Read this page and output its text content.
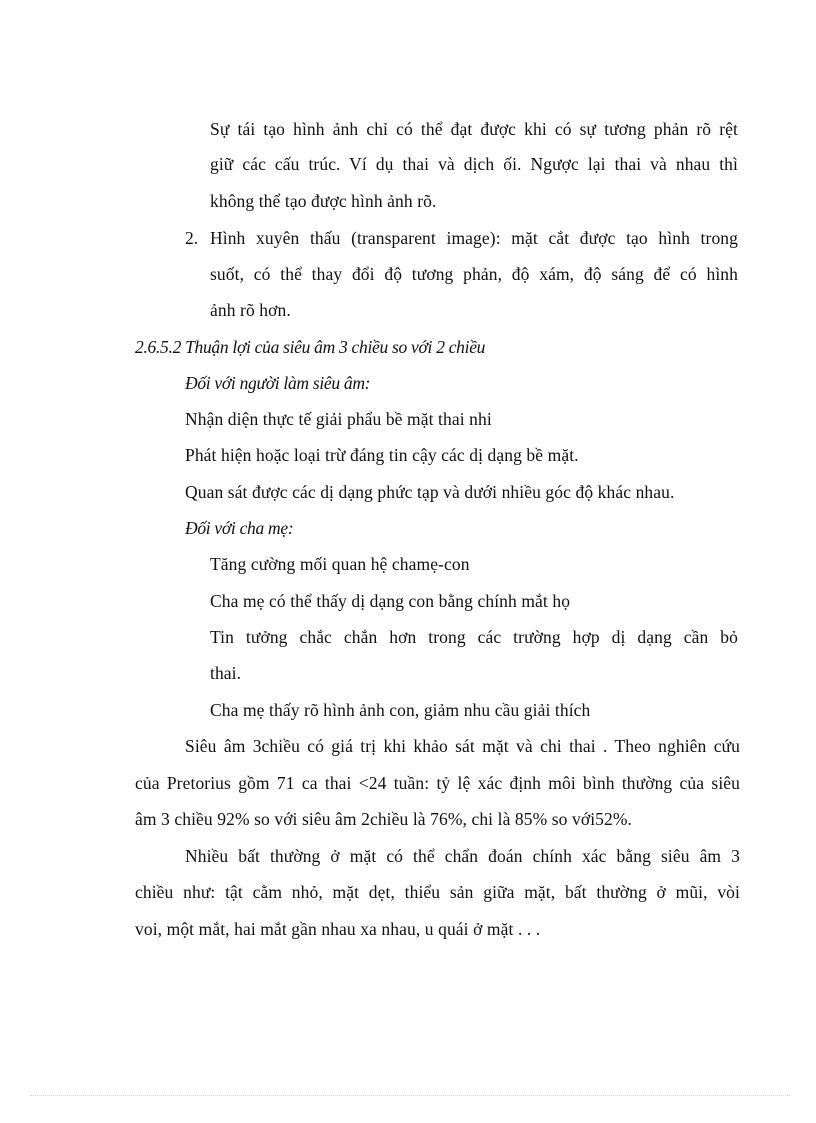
Sự tái tạo hình ảnh chỉ có thể đạt được khi có sự tương phản rõ rệt
giữ các cấu trúc. Ví dụ thai và dịch ối. Ngược lại thai và nhau thì
không thể tạo được hình ảnh rõ.
2. Hình xuyên thấu (transparent image): mặt cắt được tạo hình trong
suốt, có thể thay đổi độ tương phản, độ xám, độ sáng để có hình
ảnh rõ hơn.
2.6.5.2 Thuận lợi của siêu âm 3 chiều so với 2 chiều
Đối với người làm siêu âm:
Nhận diện thực tế giải phẩu bề mặt thai nhi
Phát hiện hoặc loại trừ đáng tin cậy các dị dạng bề mặt.
Quan sát được các dị dạng phức tạp và dưới nhiều góc độ khác nhau.
Đối với cha mẹ:
Tăng cường mối quan hệ chamẹ-con
Cha mẹ có thể thấy dị dạng con bằng chính mắt họ
Tin tưởng chắc chắn hơn trong các trường hợp dị dạng cần bỏ
thai.
Cha mẹ thấy rõ hình ảnh con, giảm nhu cầu giải thích
Siêu âm 3chiều có giá trị khi khảo sát mặt và chi thai . Theo nghiên cứu
của Pretorius gồm 71 ca thai <24 tuần: tỷ lệ xác định môi bình thường của siêu
âm 3 chiều 92% so với siêu âm 2chiều là 76%, chi là 85% so với52%.
Nhiều bất thường ở mặt có thể chẩn đoán chính xác bằng siêu âm 3
chiều như: tật cằm nhỏ, mặt dẹt, thiểu sản giữa mặt, bất thường ở mũi, vòi
voi, một mắt, hai mắt gần nhau xa nhau, u quái ở mặt . . .
